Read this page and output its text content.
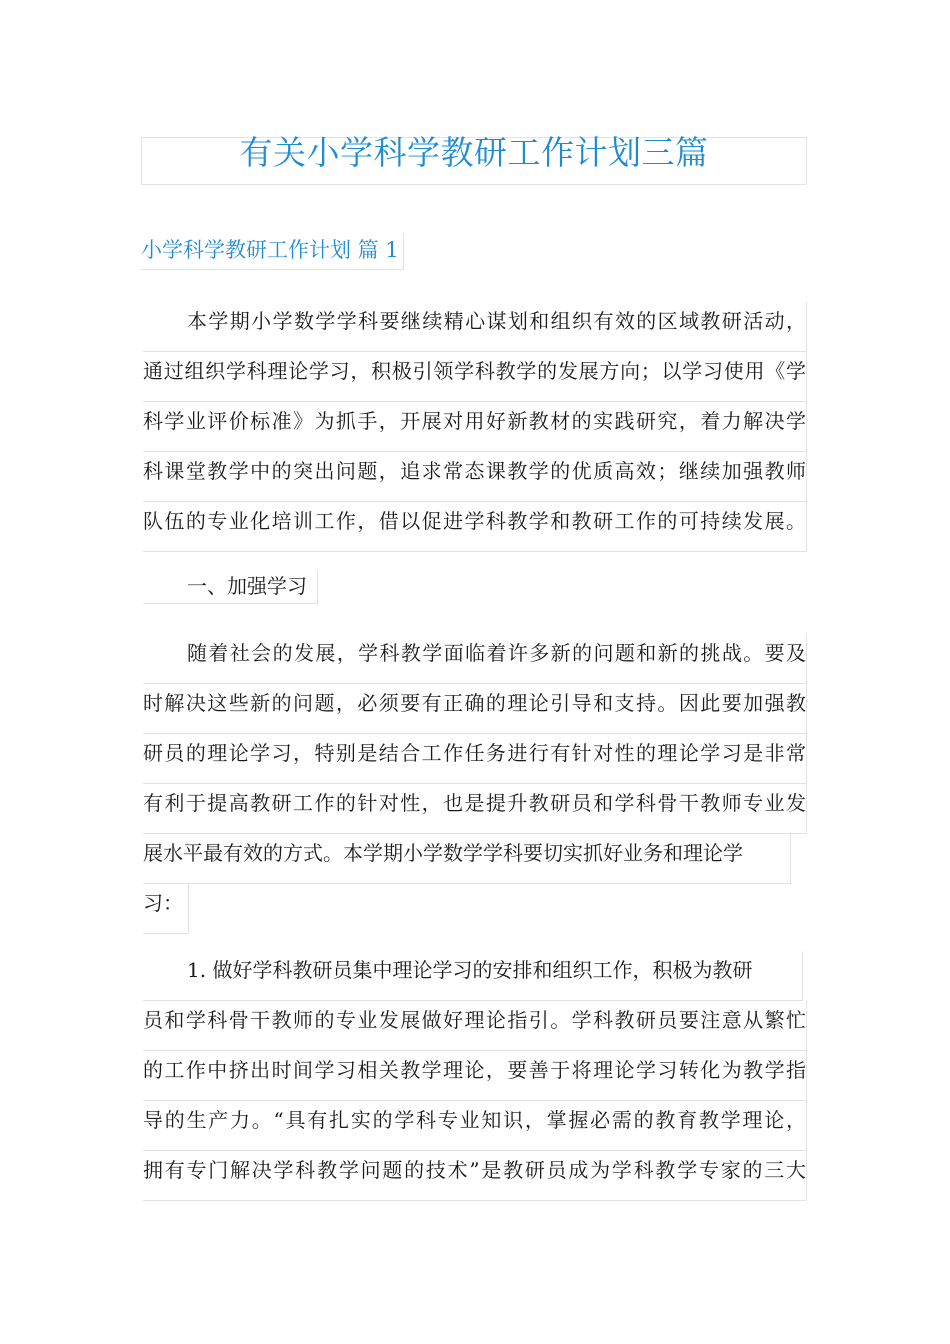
有关小学科学教研工作计划三篇
小学科学教研工作计划 篇 1
本学期小学数学学科要继续精心谋划和组织有效的区域教研活动，
通过组织学科理论学习，积极引领学科教学的发展方向；以学习使用《学
科学业评价标准》为抓手，开展对用好新教材的实践研究，着力解决学
科课堂教学中的突出问题，追求常态课教学的优质高效；继续加强教师
队伍的专业化培训工作，借以促进学科教学和教研工作的可持续发展。
一、加强学习
随着社会的发展，学科教学面临着许多新的问题和新的挑战。要及
时解决这些新的问题，必须要有正确的理论引导和支持。因此要加强教
研员的理论学习，特别是结合工作任务进行有针对性的理论学习是非常
有利于提高教研工作的针对性，也是提升教研员和学科骨干教师专业发
展水平最有效的方式。本学期小学数学学科要切实抓好业务和理论学
习：
1. 做好学科教研员集中理论学习的安排和组织工作，积极为教研
员和学科骨干教师的专业发展做好理论指引。学科教研员要注意从繁忙
的工作中挤出时间学习相关教学理论，要善于将理论学习转化为教学指
导的生产力。“具有扎实的学科专业知识，掌握必需的教育教学理论，
拥有专门解决学科教学问题的技术”是教研员成为学科教学专家的三大
